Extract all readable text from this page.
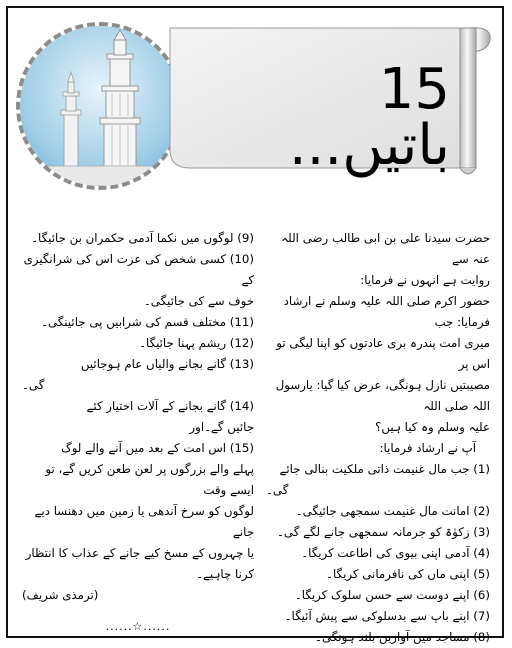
15 باتیں...

حضرت سیدنا علی بن ابی طالب رضی اللہ عنہ سے

روایت ہے انہوں نے فرمایا:

حضور اکرم صلی اللہ علیہ وسلم نے ارشاد فرمایا: جب

میری امت پندرہ بری عادتوں کو اپنا لیگی تو اس پر

مصیبتیں نازل ہونگی، عرض کیا گیا: یارسول اللہ صلی اللہ

علیہ وسلم وہ کیا ہیں؟

آپ نے ارشاد فرمایا:

(1) جب مال غنیمت ذاتی ملکیت بنالی جائے

گی۔

(2) امانت مال غنیمت سمجھی جائیگی۔

(3) زکوٰۃ کو جرمانہ سمجھی جانے لگے گی۔

(4) آدمی اپنی بیوی کی اطاعت کریگا۔

(5) اپنی ماں کی نافرمانی کریگا۔

(6) اپنے دوست سے حسن سلوک کریگا۔

(7) اپنے باپ سے بدسلوکی سے پیش آئیگا۔

(8) مساجد میں آوازیں بلند ہونگی۔

(9) لوگوں میں نکما آدمی حکمران بن جائیگا۔

(10) کسی شخص کی عزت اس کی شرانگیزی کے

خوف سے کی جائیگی۔

(11) مختلف قسم کی شرابیں پی جائینگی۔

(12) ریشم پہنا جائیگا۔

(13) گانے بجانے والیاں عام ہوجائیں

گی۔

(14) گانے بجانے کے آلات اختیار کئے

جائیں گے۔اور

(15) اس امت کے بعد میں آنے والے لوگ

پہلے والے بزرگوں پر لعن طعن کریں گے، تو ایسے وقت

لوگوں کو سرخ آندھی یا زمین میں دھنسا دیے جانے

یا چہروں کے مسخ کیے جانے کے عذاب کا انتظار

کرنا چاہیے۔

(ترمذی شریف)

......☆......
